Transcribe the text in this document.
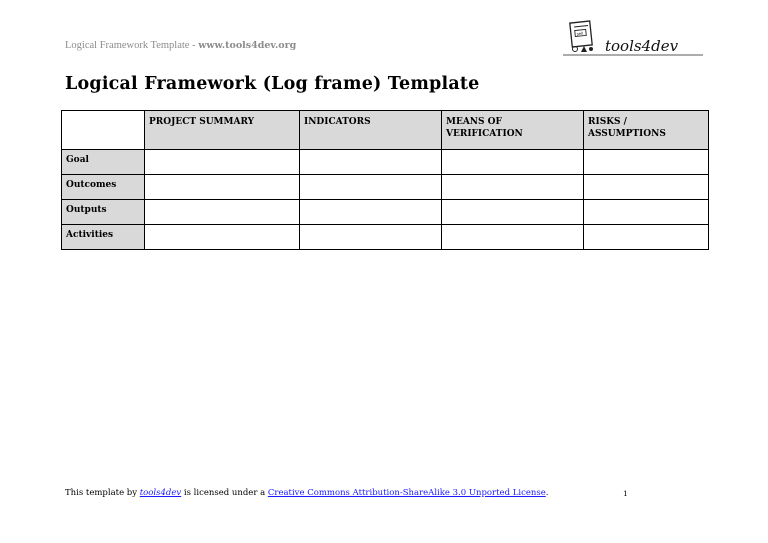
Logical Framework Template - www.tools4dev.org
sell
tools4dev
Logical Framework (Log frame) Template
	PROJECT SUMMARY	INDICATORS	MEANS OF VERIFICATION	RISKS / ASSUMPTIONS
Goal				
Outcomes				
Outputs				
Activities				
This template by tools4dev is licensed under a Creative Commons Attribution-ShareAlike 3.0 Unported License.	1
